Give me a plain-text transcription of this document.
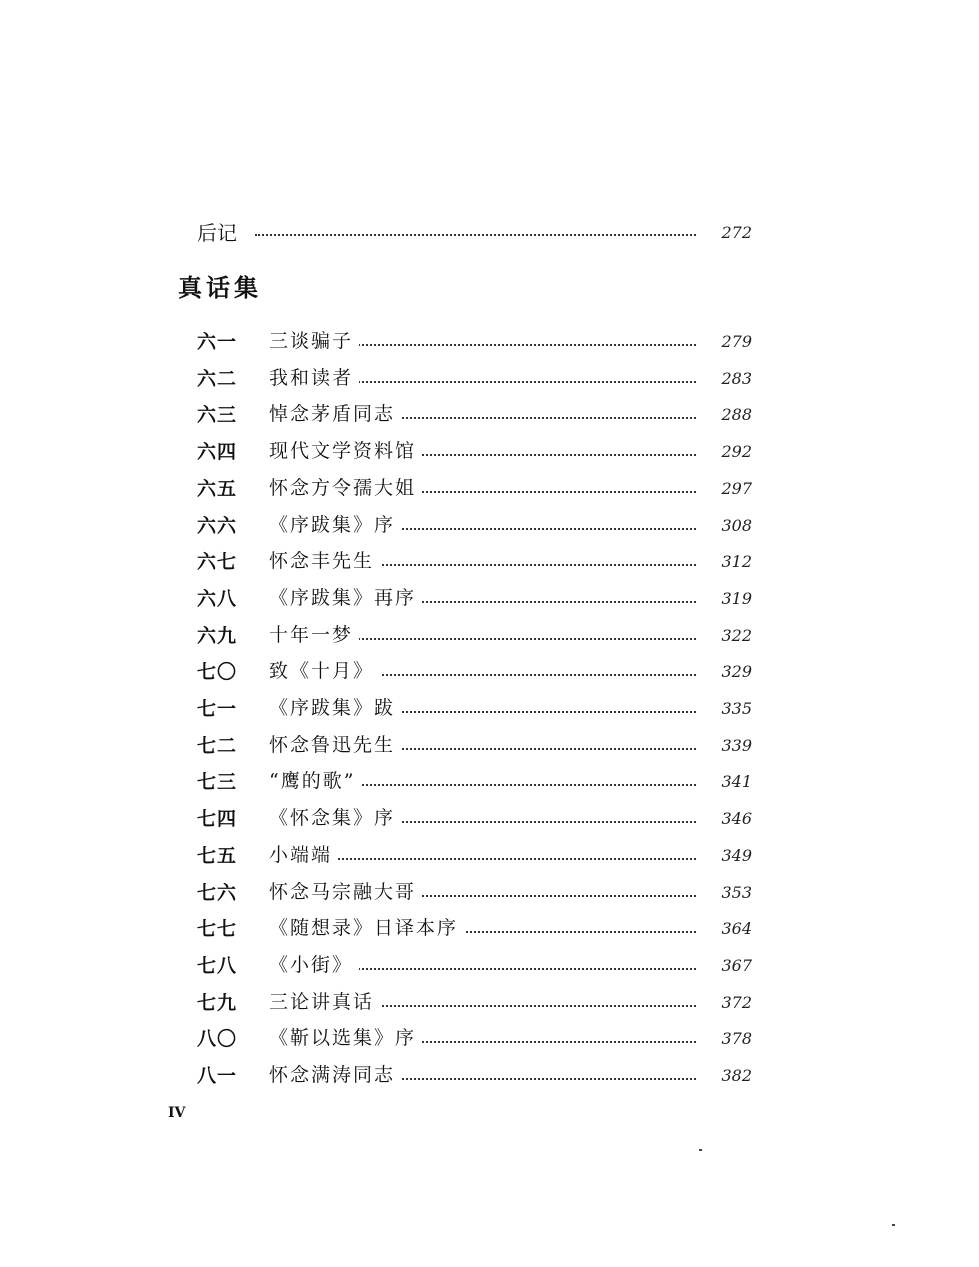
后记	272
真话集
六一	三谈骗子	279
六二	我和读者	283
六三	悼念茅盾同志	288
六四	现代文学资料馆	292
六五	怀念方令孺大姐	297
六六	《序跋集》序	308
六七	怀念丰先生	312
六八	《序跋集》再序	319
六九	十年一梦	322
七〇	致《十月》	329
七一	《序跋集》跋	335
七二	怀念鲁迅先生	339
七三	“鹰的歌”	341
七四	《怀念集》序	346
七五	小端端	349
七六	怀念马宗融大哥	353
七七	《随想录》日译本序	364
七八	《小街》	367
七九	三论讲真话	372
八〇	《靳以选集》序	378
八一	怀念满涛同志	382
IV
